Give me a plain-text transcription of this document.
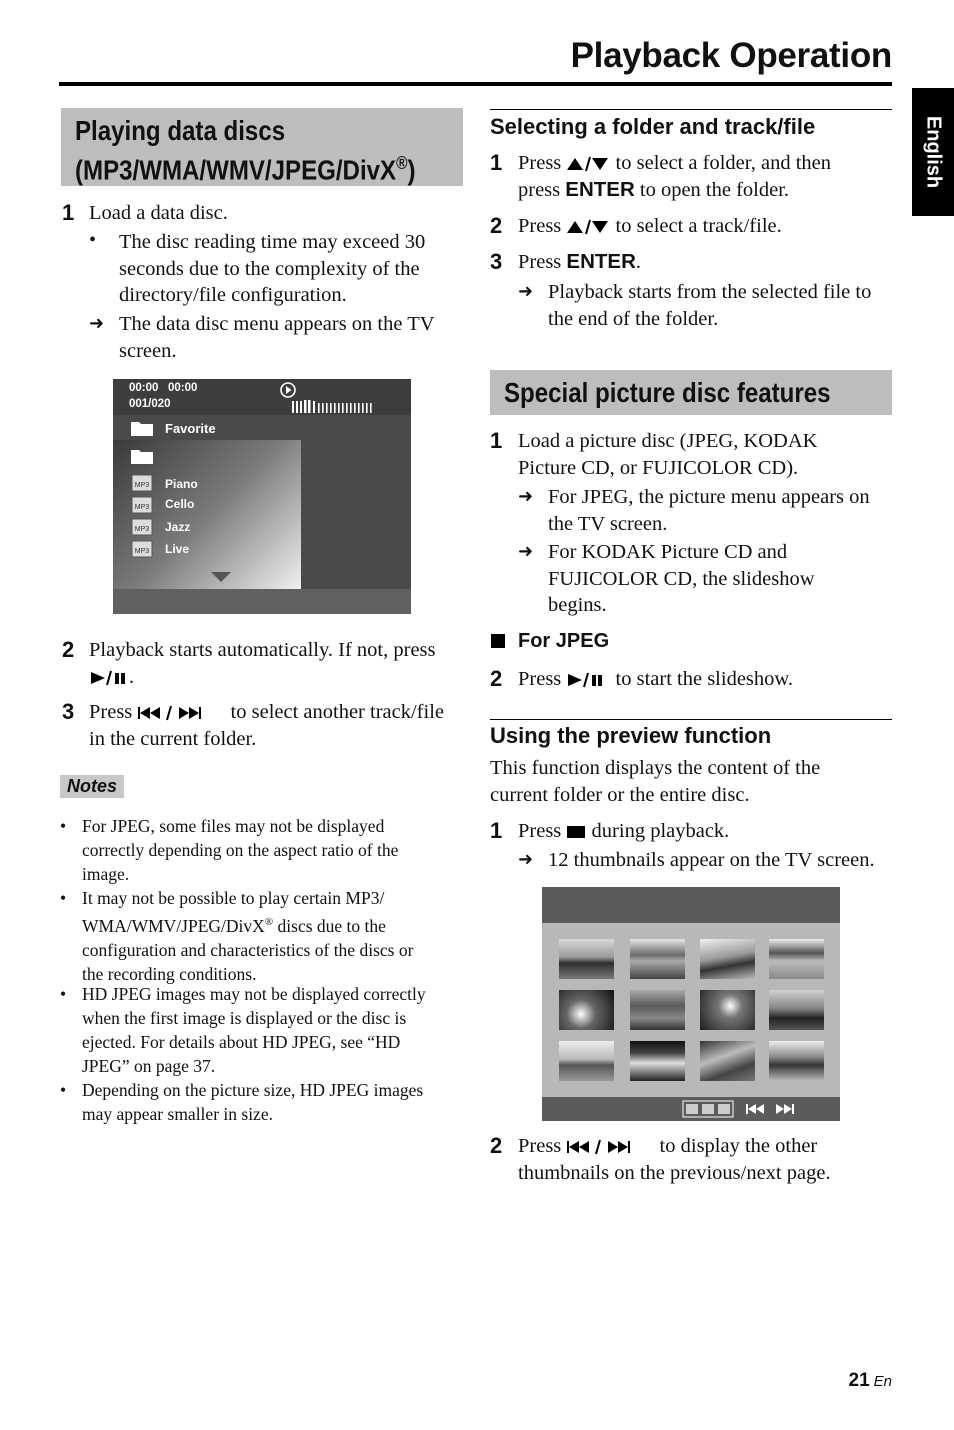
Playback Operation
English
Playing data discs
(MP3/WMA/WMV/JPEG/DivX®)
1 Load a data disc.
• The disc reading time may exceed 30
seconds due to the complexity of the
directory/file configuration.
➜ The data disc menu appears on the TV
screen.
00:00   00:00
001/020
Favorite
MP3 Piano
MP3 Cello
MP3 Jazz
MP3 Live
2 Playback starts automatically. If not, press
.
3 Press	to select another track/file
in the current folder.
Notes
• For JPEG, some files may not be displayed
correctly depending on the aspect ratio of the
image.
• It may not be possible to play certain MP3/
WMA/WMV/JPEG/DivX® discs due to the
configuration and characteristics of the discs or
the recording conditions.
• HD JPEG images may not be displayed correctly
when the first image is displayed or the disc is
ejected. For details about HD JPEG, see “HD
JPEG” on page 37.
• Depending on the picture size, HD JPEG images
may appear smaller in size.
Selecting a folder and track/file
1 Press	to select a folder, and then
press ENTER to open the folder.
2 Press	to select a track/file.
3 Press ENTER.
➜ Playback starts from the selected file to
the end of the folder.
Special picture disc features
1 Load a picture disc (JPEG, KODAK
Picture CD, or FUJICOLOR CD).
➜ For JPEG, the picture menu appears on
the TV screen.
➜ For KODAK Picture CD and
FUJICOLOR CD, the slideshow
begins.
For JPEG
2 Press	to start the slideshow.
Using the preview function
This function displays the content of the
current folder or the entire disc.
1 Press during playback.
➜ 12 thumbnails appear on the TV screen.
2 Press	to display the other
thumbnails on the previous/next page.
21 En
